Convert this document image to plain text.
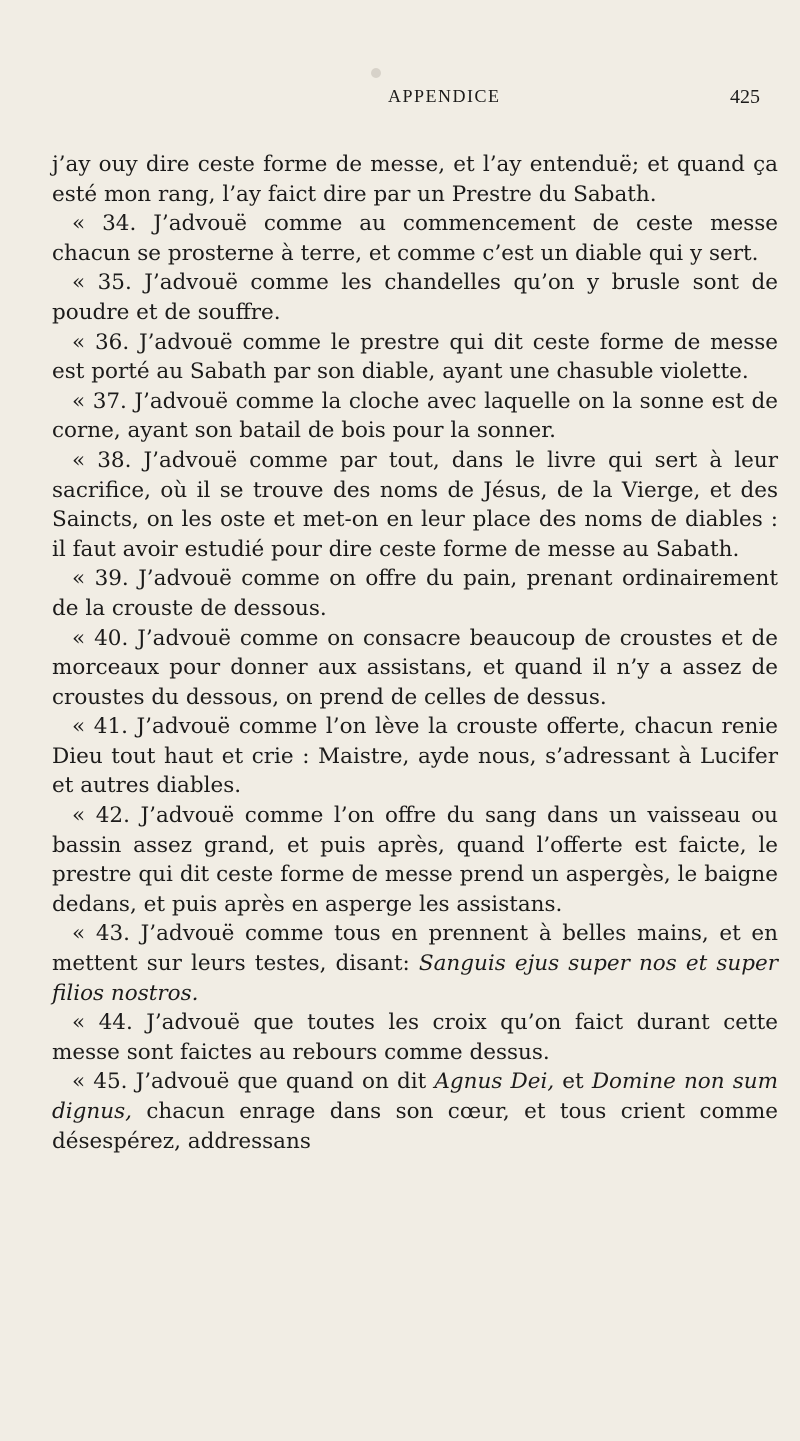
APPENDICE	425

j’ay ouy dire ceste forme de messe, et l’ay entenduë; et quand ça esté mon rang, l’ay faict dire par un Prestre du Sabath.

« 34. J’advouë comme au commencement de ceste messe chacun se prosterne à terre, et comme c’est un diable qui y sert.

« 35. J’advouë comme les chandelles qu’on y brusle sont de poudre et de souffre.

« 36. J’advouë comme le prestre qui dit ceste forme de messe est porté au Sabath par son diable, ayant une chasuble violette.

« 37. J’advouë comme la cloche avec laquelle on la sonne est de corne, ayant son batail de bois pour la sonner.

« 38. J’advouë comme par tout, dans le livre qui sert à leur sacrifice, où il se trouve des noms de Jésus, de la Vierge, et des Saincts, on les oste et met-on en leur place des noms de diables : il faut avoir estudié pour dire ceste forme de messe au Sabath.

« 39. J’advouë comme on offre du pain, prenant ordinairement de la crouste de dessous.

« 40. J’advouë comme on consacre beaucoup de croustes et de morceaux pour donner aux assistans, et quand il n’y a assez de croustes du dessous, on prend de celles de dessus.

« 41. J’advouë comme l’on lève la crouste offerte, chacun renie Dieu tout haut et crie : Maistre, ayde nous, s’adressant à Lucifer et autres diables.

« 42. J’advouë comme l’on offre du sang dans un vaisseau ou bassin assez grand, et puis après, quand l’offerte est faicte, le prestre qui dit ceste forme de messe prend un aspergès, le baigne dedans, et puis après en asperge les assistans.

« 43. J’advouë comme tous en prennent à belles mains, et en mettent sur leurs testes, disant: Sanguis ejus super nos et super filios nostros.

« 44. J’advouë que toutes les croix qu’on faict durant cette messe sont faictes au rebours comme dessus.

« 45. J’advouë que quand on dit Agnus Dei, et Domine non sum dignus, chacun enrage dans son cœur, et tous crient comme désespérez, addressans
